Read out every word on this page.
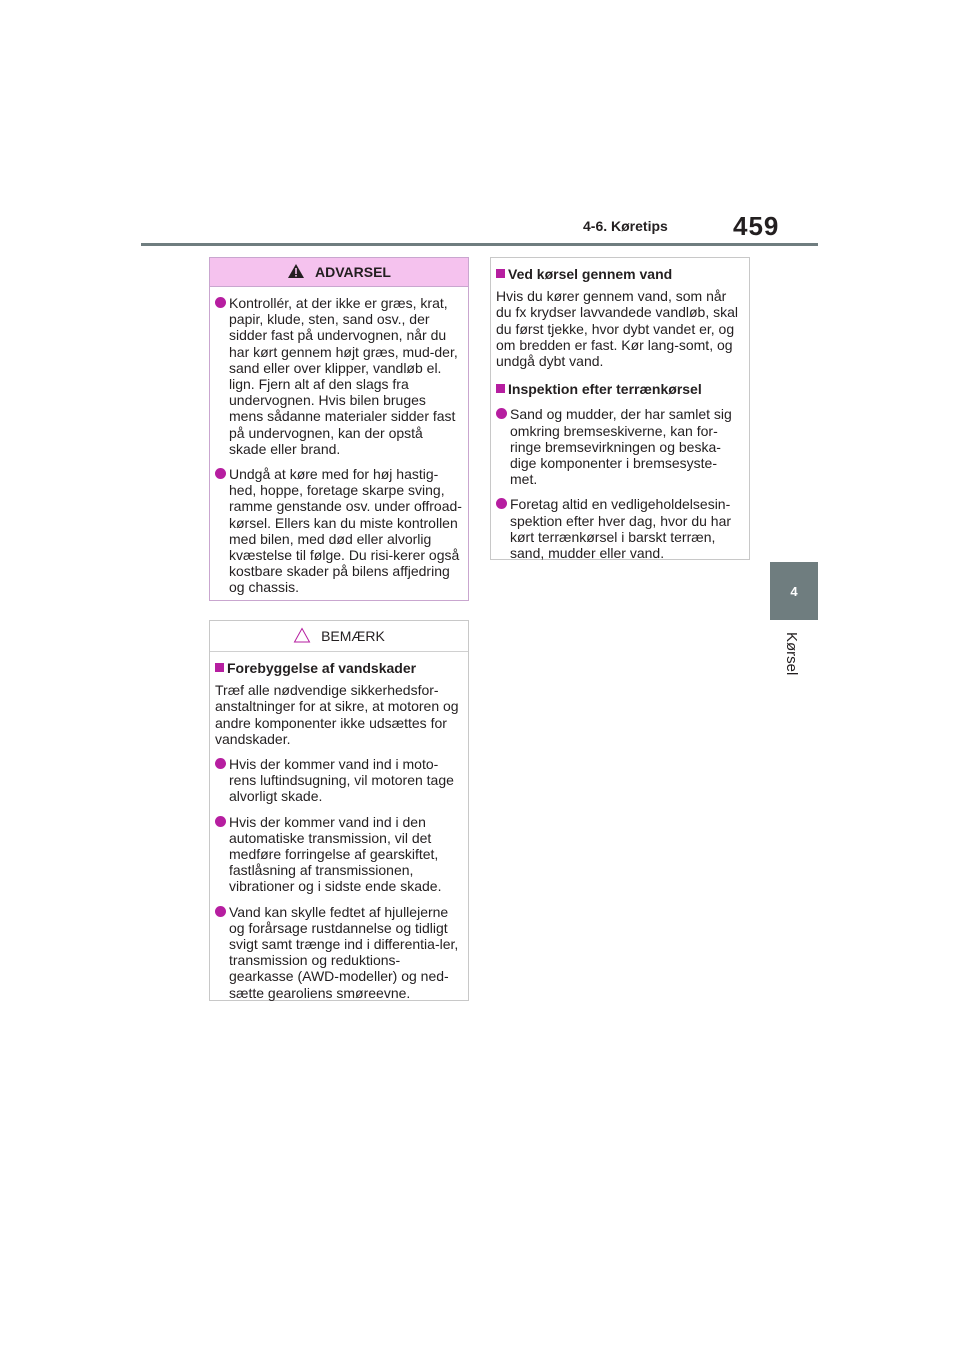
4-6. Køretips	459
4
Kørsel
ADVARSEL
Kontrollér, at der ikke er græs, krat, papir, klude, sten, sand osv., der sidder fast på undervognen, når du har kørt gennem højt græs, mud-der, sand eller over klipper, vandløb el. lign. Fjern alt af den slags fra undervognen. Hvis bilen bruges mens sådanne materialer sidder fast på undervognen, kan der opstå skade eller brand.
Undgå at køre med for høj hastig-hed, hoppe, foretage skarpe sving, ramme genstande osv. under offroad-kørsel. Ellers kan du miste kontrollen med bilen, med død eller alvorlig kvæstelse til følge. Du risi-kerer også kostbare skader på bilens affjedring og chassis.
BEMÆRK
Forebyggelse af vandskader
Træf alle nødvendige sikkerhedsfor-anstaltninger for at sikre, at motoren og andre komponenter ikke udsættes for vandskader.
Hvis der kommer vand ind i moto-rens luftindsugning, vil motoren tage alvorligt skade.
Hvis der kommer vand ind i den automatiske transmission, vil det medføre forringelse af gearskiftet, fastlåsning af transmissionen, vibrationer og i sidste ende skade.
Vand kan skylle fedtet af hjullejerne og forårsage rustdannelse og tidligt svigt samt trænge ind i differentia-ler, transmission og reduktions-gearkasse (AWD-modeller) og ned-sætte gearoliens smøreevne.
Ved kørsel gennem vand
Hvis du kører gennem vand, som når du fx krydser lavvandede vandløb, skal du først tjekke, hvor dybt vandet er, og om bredden er fast. Kør lang-somt, og undgå dybt vand.
Inspektion efter terrænkørsel
Sand og mudder, der har samlet sig omkring bremseskiverne, kan for-ringe bremsevirkningen og beska-dige komponenter i bremsesyste-met.
Foretag altid en vedligeholdelsesin-spektion efter hver dag, hvor du har kørt terrænkørsel i barskt terræn, sand, mudder eller vand.
